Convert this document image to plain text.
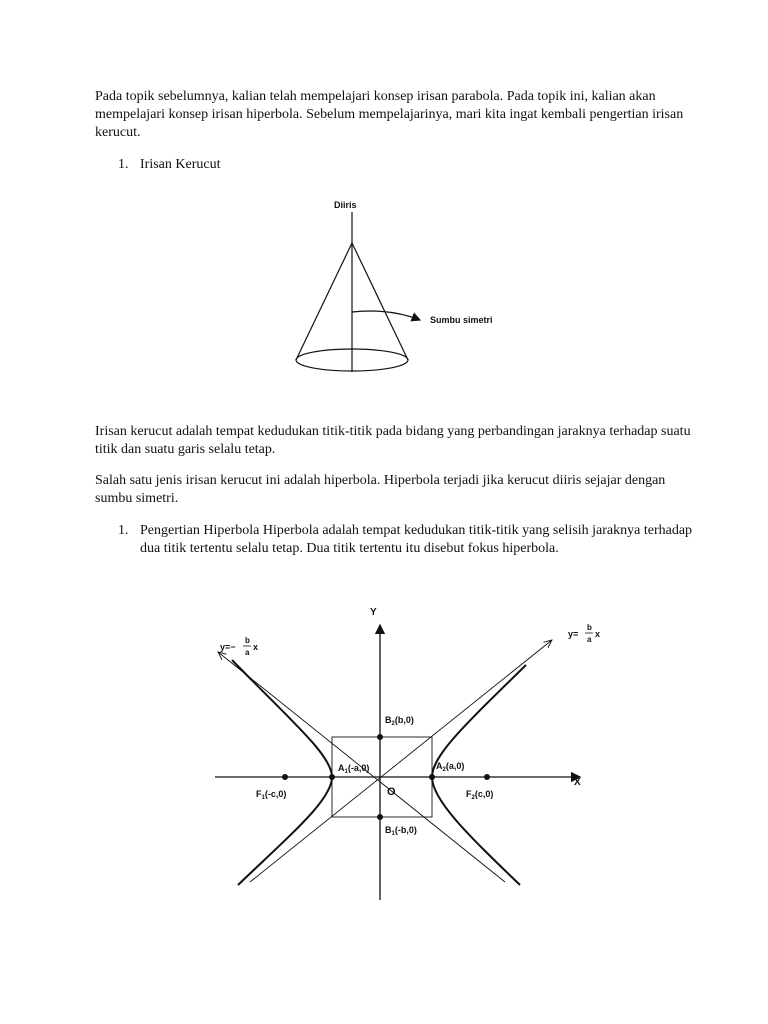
Pada topik sebelumnya, kalian telah mempelajari konsep irisan parabola. Pada topik ini, kalian akan mempelajari konsep irisan hiperbola. Sebelum mempelajarinya, mari kita ingat kembali pengertian irisan kerucut.

1. Irisan Kerucut

Irisan kerucut adalah tempat kedudukan titik-titik pada bidang yang perbandingan jaraknya terhadap suatu titik dan suatu garis selalu tetap.

Salah satu jenis irisan kerucut ini adalah hiperbola. Hiperbola terjadi jika kerucut diiris sejajar dengan sumbu simetri.

1. Pengertian Hiperbola Hiperbola adalah tempat kedudukan titik-titik yang selisih jaraknya terhadap dua titik tertentu selalu tetap. Dua titik tertentu itu disebut fokus hiperbola.

Diiris
Sumbu simetri
Y
X
O
$B_2(b,0)$
$B_1(-b,0)$
$A_1(-a,0)$	$A_2(a,0)$
$F_1(-c,0)$	$F_2(c,0)$
y=−
b
a
x
y=
b
a
x
